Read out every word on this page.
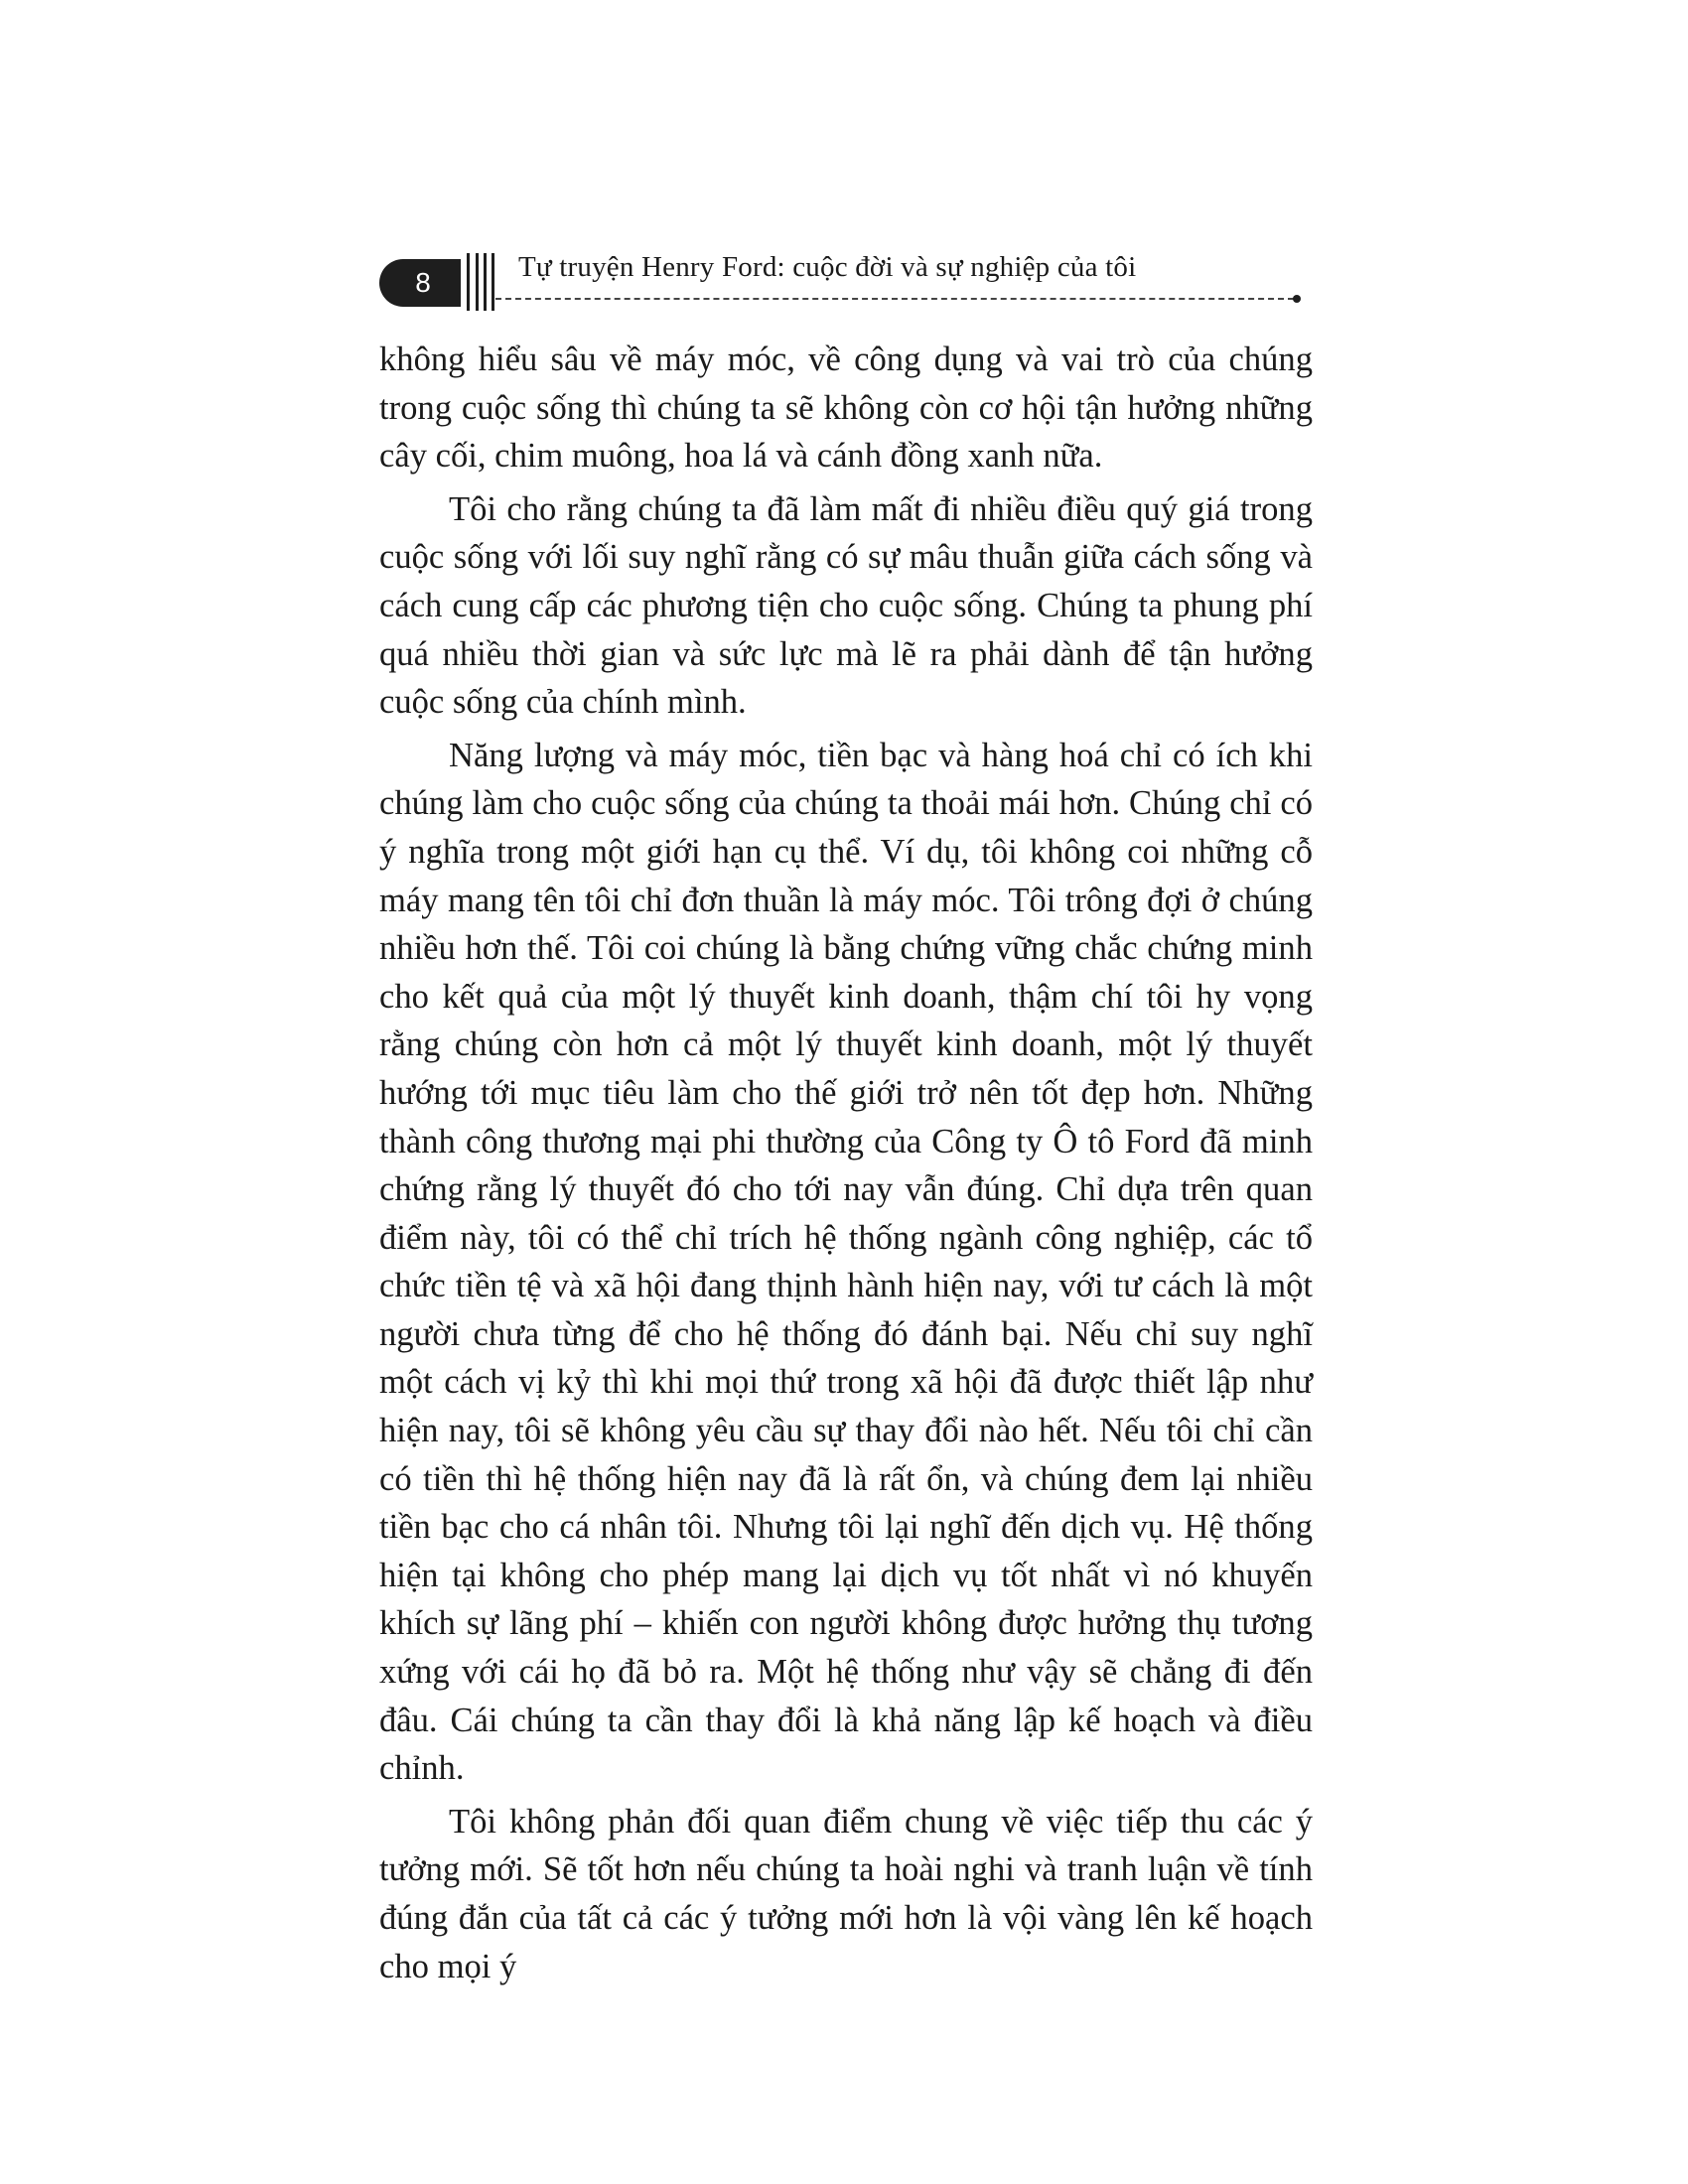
8	Tự truyện Henry Ford: cuộc đời và sự nghiệp của tôi

không hiểu sâu về máy móc, về công dụng và vai trò của chúng trong cuộc sống thì chúng ta sẽ không còn cơ hội tận hưởng những cây cối, chim muông, hoa lá và cánh đồng xanh nữa.

Tôi cho rằng chúng ta đã làm mất đi nhiều điều quý giá trong cuộc sống với lối suy nghĩ rằng có sự mâu thuẫn giữa cách sống và cách cung cấp các phương tiện cho cuộc sống. Chúng ta phung phí quá nhiều thời gian và sức lực mà lẽ ra phải dành để tận hưởng cuộc sống của chính mình.

Năng lượng và máy móc, tiền bạc và hàng hoá chỉ có ích khi chúng làm cho cuộc sống của chúng ta thoải mái hơn. Chúng chỉ có ý nghĩa trong một giới hạn cụ thể. Ví dụ, tôi không coi những cỗ máy mang tên tôi chỉ đơn thuần là máy móc. Tôi trông đợi ở chúng nhiều hơn thế. Tôi coi chúng là bằng chứng vững chắc chứng minh cho kết quả của một lý thuyết kinh doanh, thậm chí tôi hy vọng rằng chúng còn hơn cả một lý thuyết kinh doanh, một lý thuyết hướng tới mục tiêu làm cho thế giới trở nên tốt đẹp hơn. Những thành công thương mại phi thường của Công ty Ô tô Ford đã minh chứng rằng lý thuyết đó cho tới nay vẫn đúng. Chỉ dựa trên quan điểm này, tôi có thể chỉ trích hệ thống ngành công nghiệp, các tổ chức tiền tệ và xã hội đang thịnh hành hiện nay, với tư cách là một người chưa từng để cho hệ thống đó đánh bại. Nếu chỉ suy nghĩ một cách vị kỷ thì khi mọi thứ trong xã hội đã được thiết lập như hiện nay, tôi sẽ không yêu cầu sự thay đổi nào hết. Nếu tôi chỉ cần có tiền thì hệ thống hiện nay đã là rất ổn, và chúng đem lại nhiều tiền bạc cho cá nhân tôi. Nhưng tôi lại nghĩ đến dịch vụ. Hệ thống hiện tại không cho phép mang lại dịch vụ tốt nhất vì nó khuyến khích sự lãng phí – khiến con người không được hưởng thụ tương xứng với cái họ đã bỏ ra. Một hệ thống như vậy sẽ chẳng đi đến đâu. Cái chúng ta cần thay đổi là khả năng lập kế hoạch và điều chỉnh.

Tôi không phản đối quan điểm chung về việc tiếp thu các ý tưởng mới. Sẽ tốt hơn nếu chúng ta hoài nghi và tranh luận về tính đúng đắn của tất cả các ý tưởng mới hơn là vội vàng lên kế hoạch cho mọi ý
